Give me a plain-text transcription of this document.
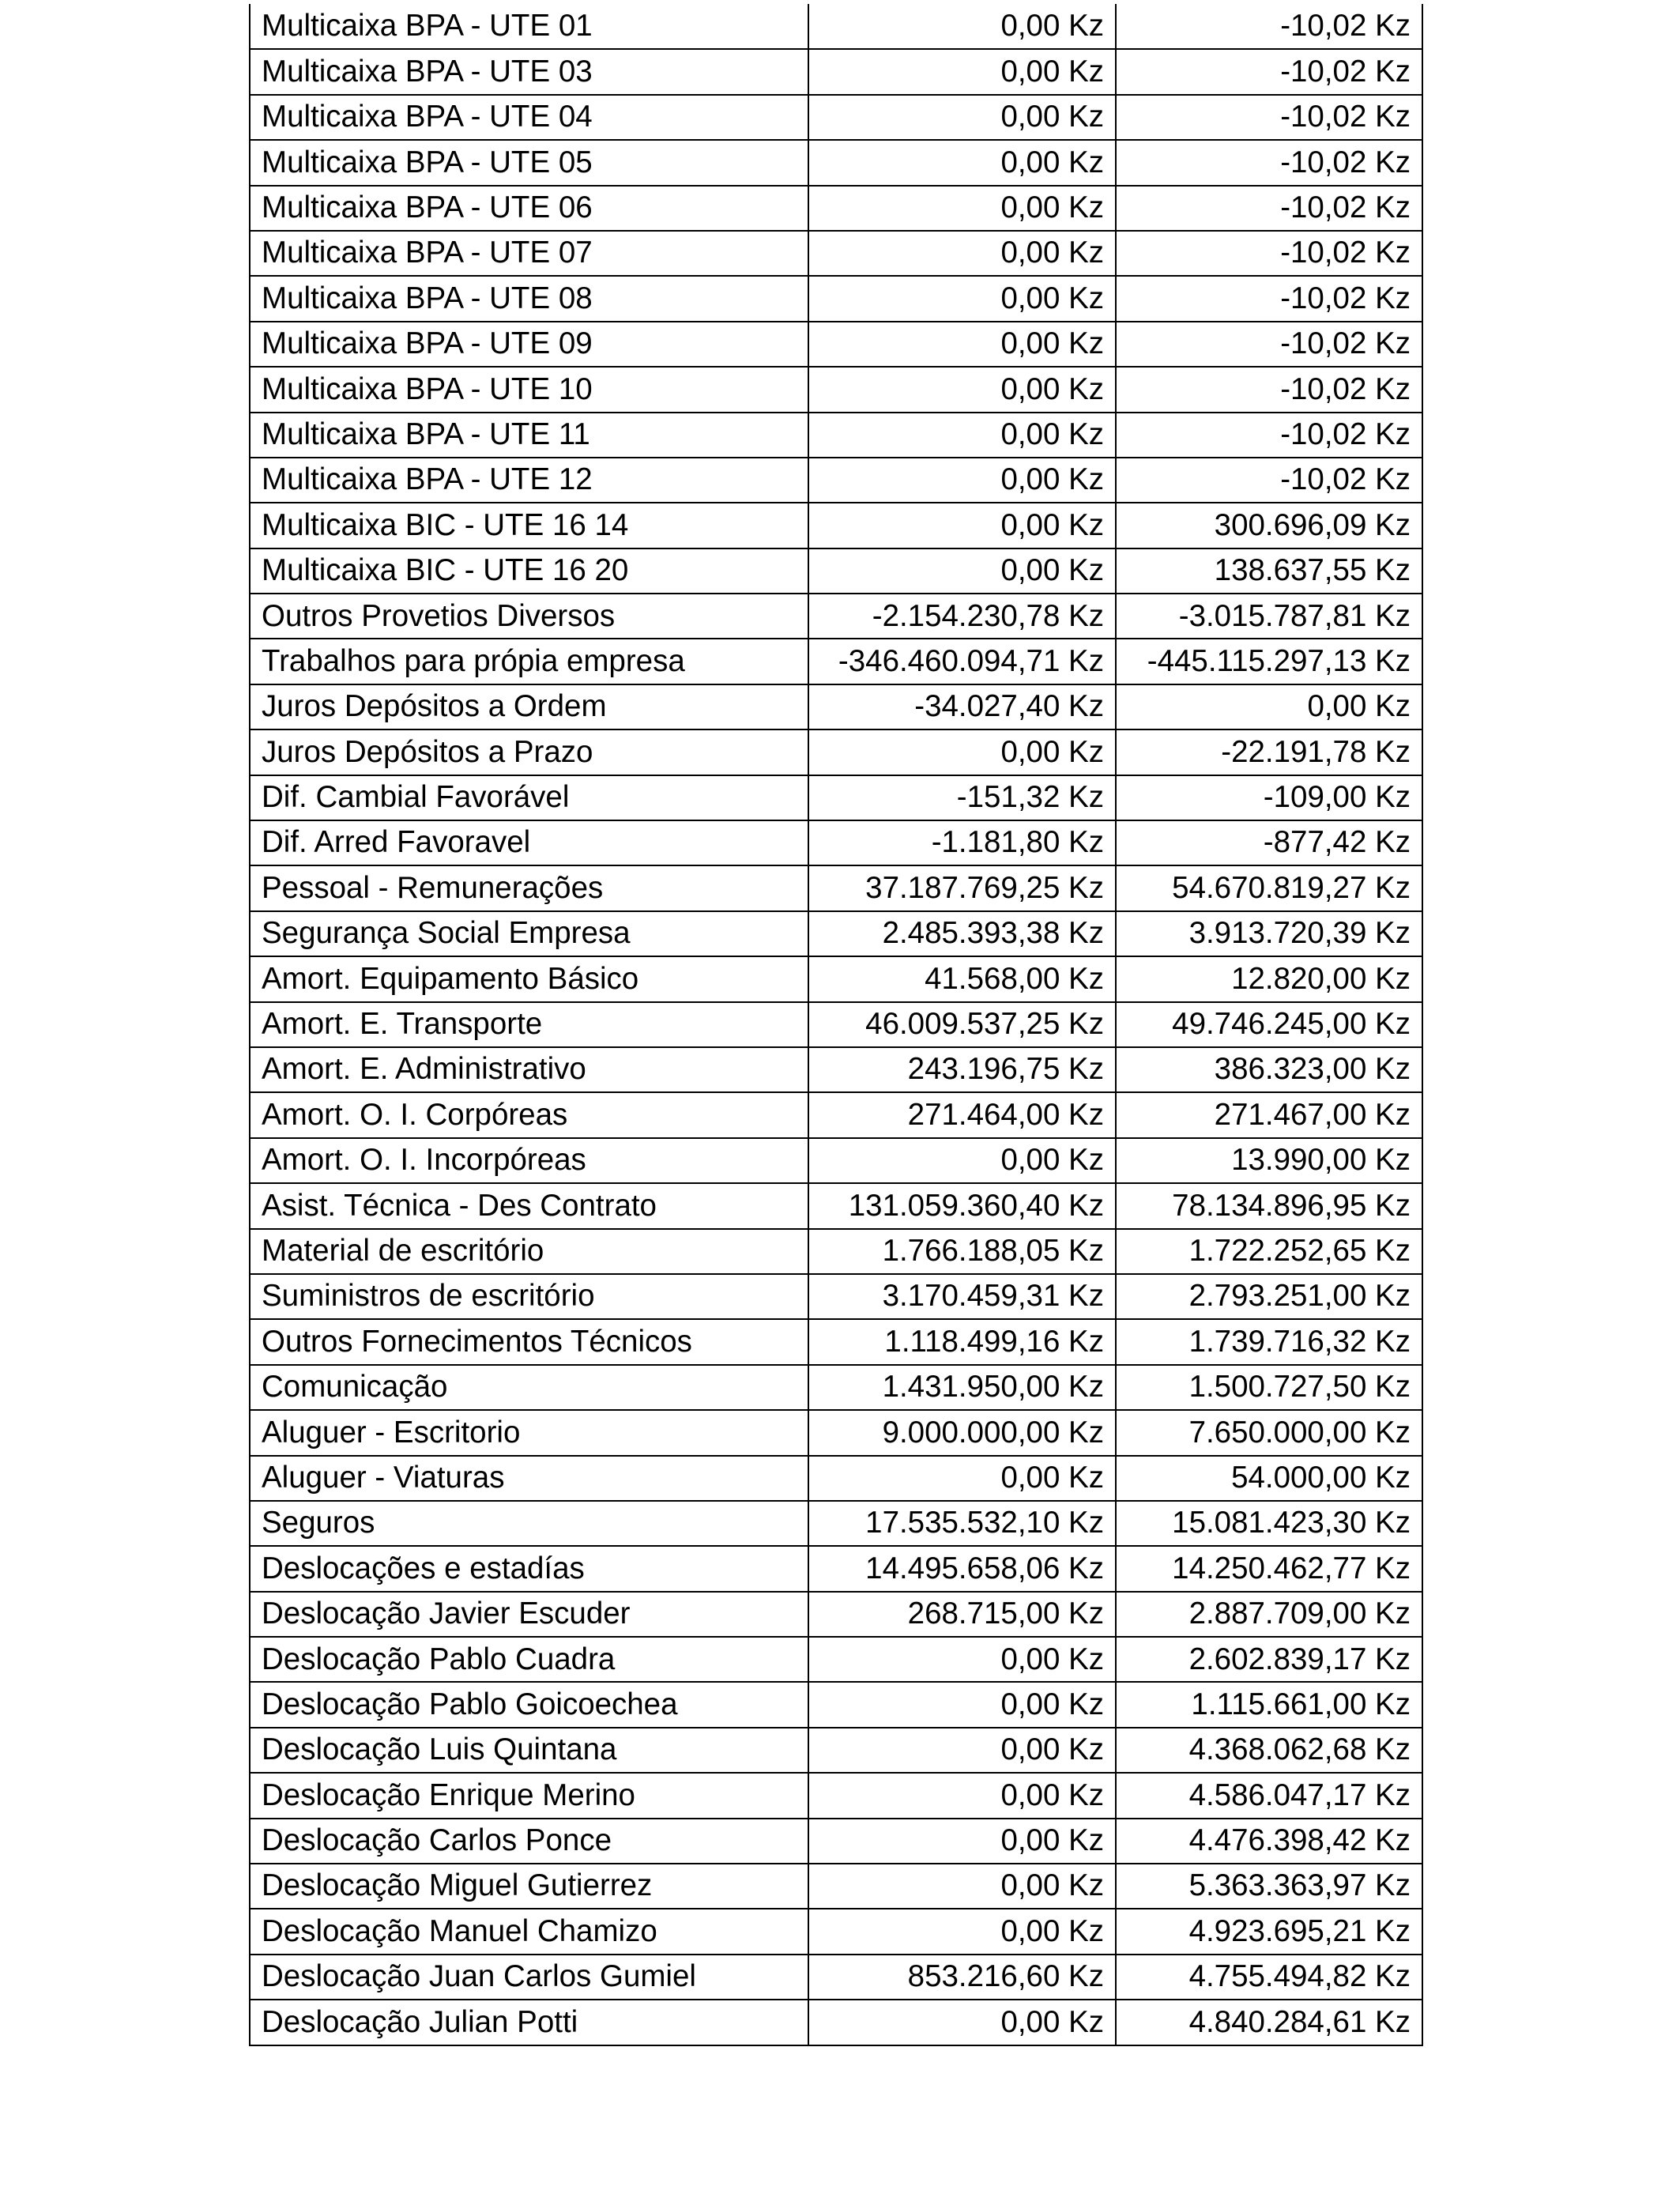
Multicaixa BPA - UTE 01	0,00 Kz	-10,02 Kz
Multicaixa BPA - UTE 03	0,00 Kz	-10,02 Kz
Multicaixa BPA - UTE 04	0,00 Kz	-10,02 Kz
Multicaixa BPA - UTE 05	0,00 Kz	-10,02 Kz
Multicaixa BPA - UTE 06	0,00 Kz	-10,02 Kz
Multicaixa BPA - UTE 07	0,00 Kz	-10,02 Kz
Multicaixa BPA - UTE 08	0,00 Kz	-10,02 Kz
Multicaixa BPA - UTE 09	0,00 Kz	-10,02 Kz
Multicaixa BPA - UTE 10	0,00 Kz	-10,02 Kz
Multicaixa BPA - UTE 11	0,00 Kz	-10,02 Kz
Multicaixa BPA - UTE 12	0,00 Kz	-10,02 Kz
Multicaixa BIC - UTE 16 14	0,00 Kz	300.696,09 Kz
Multicaixa BIC - UTE 16 20	0,00 Kz	138.637,55 Kz
Outros Provetios Diversos	-2.154.230,78 Kz	-3.015.787,81 Kz
Trabalhos para própia empresa	-346.460.094,71 Kz	-445.115.297,13 Kz
Juros Depósitos a Ordem	-34.027,40 Kz	0,00 Kz
Juros Depósitos a Prazo	0,00 Kz	-22.191,78 Kz
Dif. Cambial Favorável	-151,32 Kz	-109,00 Kz
Dif. Arred Favoravel	-1.181,80 Kz	-877,42 Kz
Pessoal - Remunerações	37.187.769,25 Kz	54.670.819,27 Kz
Segurança Social Empresa	2.485.393,38 Kz	3.913.720,39 Kz
Amort. Equipamento Básico	41.568,00 Kz	12.820,00 Kz
Amort. E. Transporte	46.009.537,25 Kz	49.746.245,00 Kz
Amort. E. Administrativo	243.196,75 Kz	386.323,00 Kz
Amort. O. I. Corpóreas	271.464,00 Kz	271.467,00 Kz
Amort. O. I. Incorpóreas	0,00 Kz	13.990,00 Kz
Asist. Técnica - Des Contrato	131.059.360,40 Kz	78.134.896,95 Kz
Material de escritório	1.766.188,05 Kz	1.722.252,65 Kz
Suministros de escritório	3.170.459,31 Kz	2.793.251,00 Kz
Outros Fornecimentos Técnicos	1.118.499,16 Kz	1.739.716,32 Kz
Comunicação	1.431.950,00 Kz	1.500.727,50 Kz
Aluguer - Escritorio	9.000.000,00 Kz	7.650.000,00 Kz
Aluguer - Viaturas	0,00 Kz	54.000,00 Kz
Seguros	17.535.532,10 Kz	15.081.423,30 Kz
Deslocações e estadías	14.495.658,06 Kz	14.250.462,77 Kz
Deslocação Javier Escuder	268.715,00 Kz	2.887.709,00 Kz
Deslocação Pablo Cuadra	0,00 Kz	2.602.839,17 Kz
Deslocação Pablo Goicoechea	0,00 Kz	1.115.661,00 Kz
Deslocação Luis Quintana	0,00 Kz	4.368.062,68 Kz
Deslocação Enrique Merino	0,00 Kz	4.586.047,17 Kz
Deslocação Carlos Ponce	0,00 Kz	4.476.398,42 Kz
Deslocação Miguel Gutierrez	0,00 Kz	5.363.363,97 Kz
Deslocação Manuel Chamizo	0,00 Kz	4.923.695,21 Kz
Deslocação Juan Carlos Gumiel	853.216,60 Kz	4.755.494,82 Kz
Deslocação Julian Potti	0,00 Kz	4.840.284,61 Kz
